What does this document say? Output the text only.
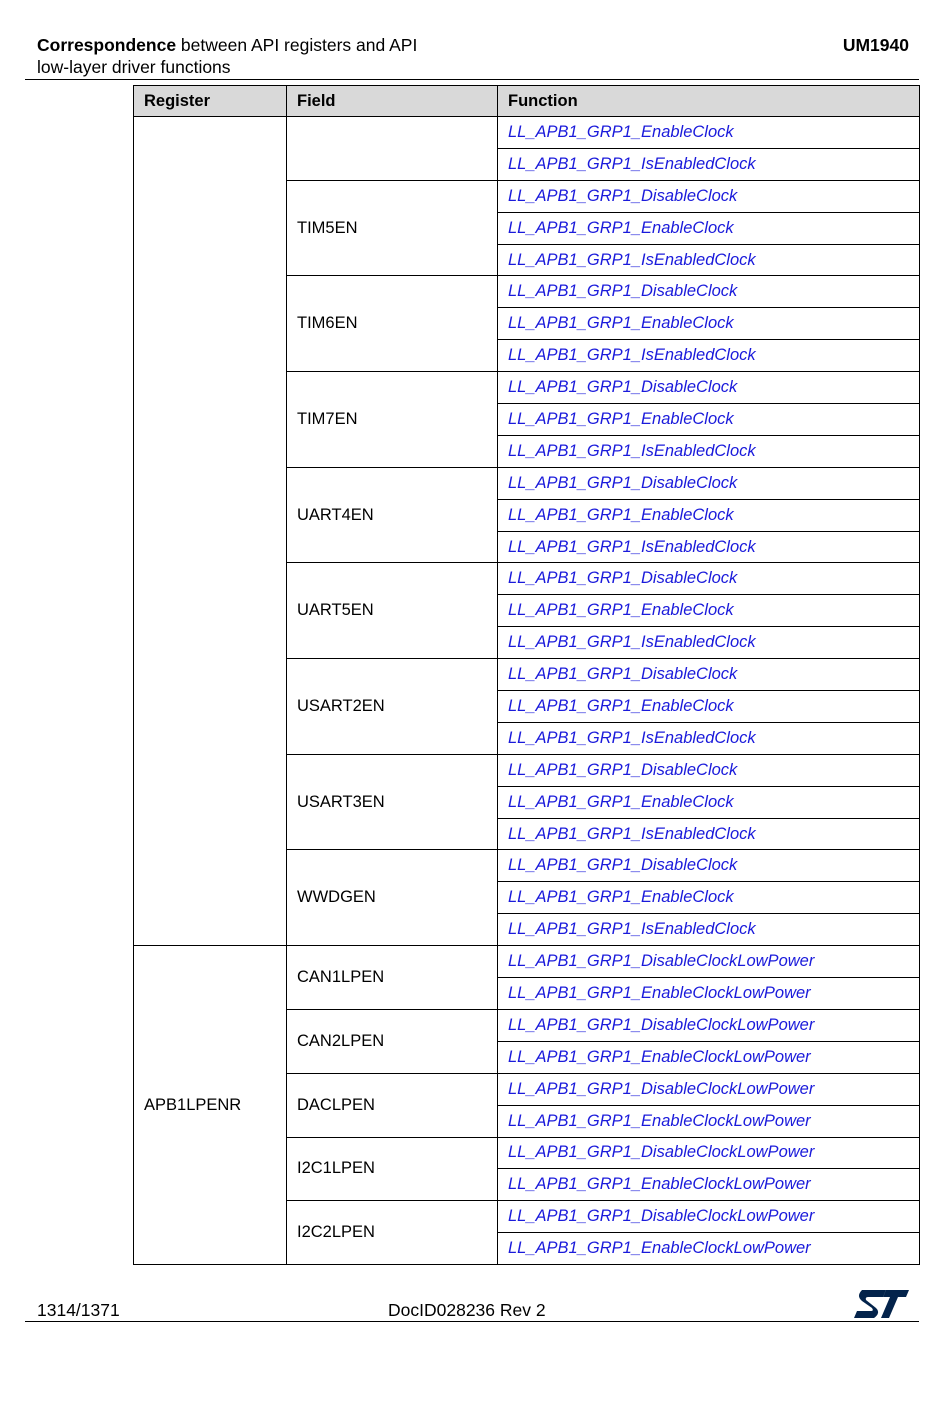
Correspondence between API registers and API
low-layer driver functions
UM1940
Register	Field	Function
		LL_APB1_GRP1_EnableClock
		LL_APB1_GRP1_IsEnabledClock
	TIM5EN	LL_APB1_GRP1_DisableClock
		LL_APB1_GRP1_EnableClock
		LL_APB1_GRP1_IsEnabledClock
	TIM6EN	LL_APB1_GRP1_DisableClock
		LL_APB1_GRP1_EnableClock
		LL_APB1_GRP1_IsEnabledClock
	TIM7EN	LL_APB1_GRP1_DisableClock
		LL_APB1_GRP1_EnableClock
		LL_APB1_GRP1_IsEnabledClock
	UART4EN	LL_APB1_GRP1_DisableClock
		LL_APB1_GRP1_EnableClock
		LL_APB1_GRP1_IsEnabledClock
	UART5EN	LL_APB1_GRP1_DisableClock
		LL_APB1_GRP1_EnableClock
		LL_APB1_GRP1_IsEnabledClock
	USART2EN	LL_APB1_GRP1_DisableClock
		LL_APB1_GRP1_EnableClock
		LL_APB1_GRP1_IsEnabledClock
	USART3EN	LL_APB1_GRP1_DisableClock
		LL_APB1_GRP1_EnableClock
		LL_APB1_GRP1_IsEnabledClock
	WWDGEN	LL_APB1_GRP1_DisableClock
		LL_APB1_GRP1_EnableClock
		LL_APB1_GRP1_IsEnabledClock
APB1LPENR	CAN1LPEN	LL_APB1_GRP1_DisableClockLowPower
		LL_APB1_GRP1_EnableClockLowPower
	CAN2LPEN	LL_APB1_GRP1_DisableClockLowPower
		LL_APB1_GRP1_EnableClockLowPower
	DACLPEN	LL_APB1_GRP1_DisableClockLowPower
		LL_APB1_GRP1_EnableClockLowPower
	I2C1LPEN	LL_APB1_GRP1_DisableClockLowPower
		LL_APB1_GRP1_EnableClockLowPower
	I2C2LPEN	LL_APB1_GRP1_DisableClockLowPower
		LL_APB1_GRP1_EnableClockLowPower
1314/1371	DocID028236 Rev 2
